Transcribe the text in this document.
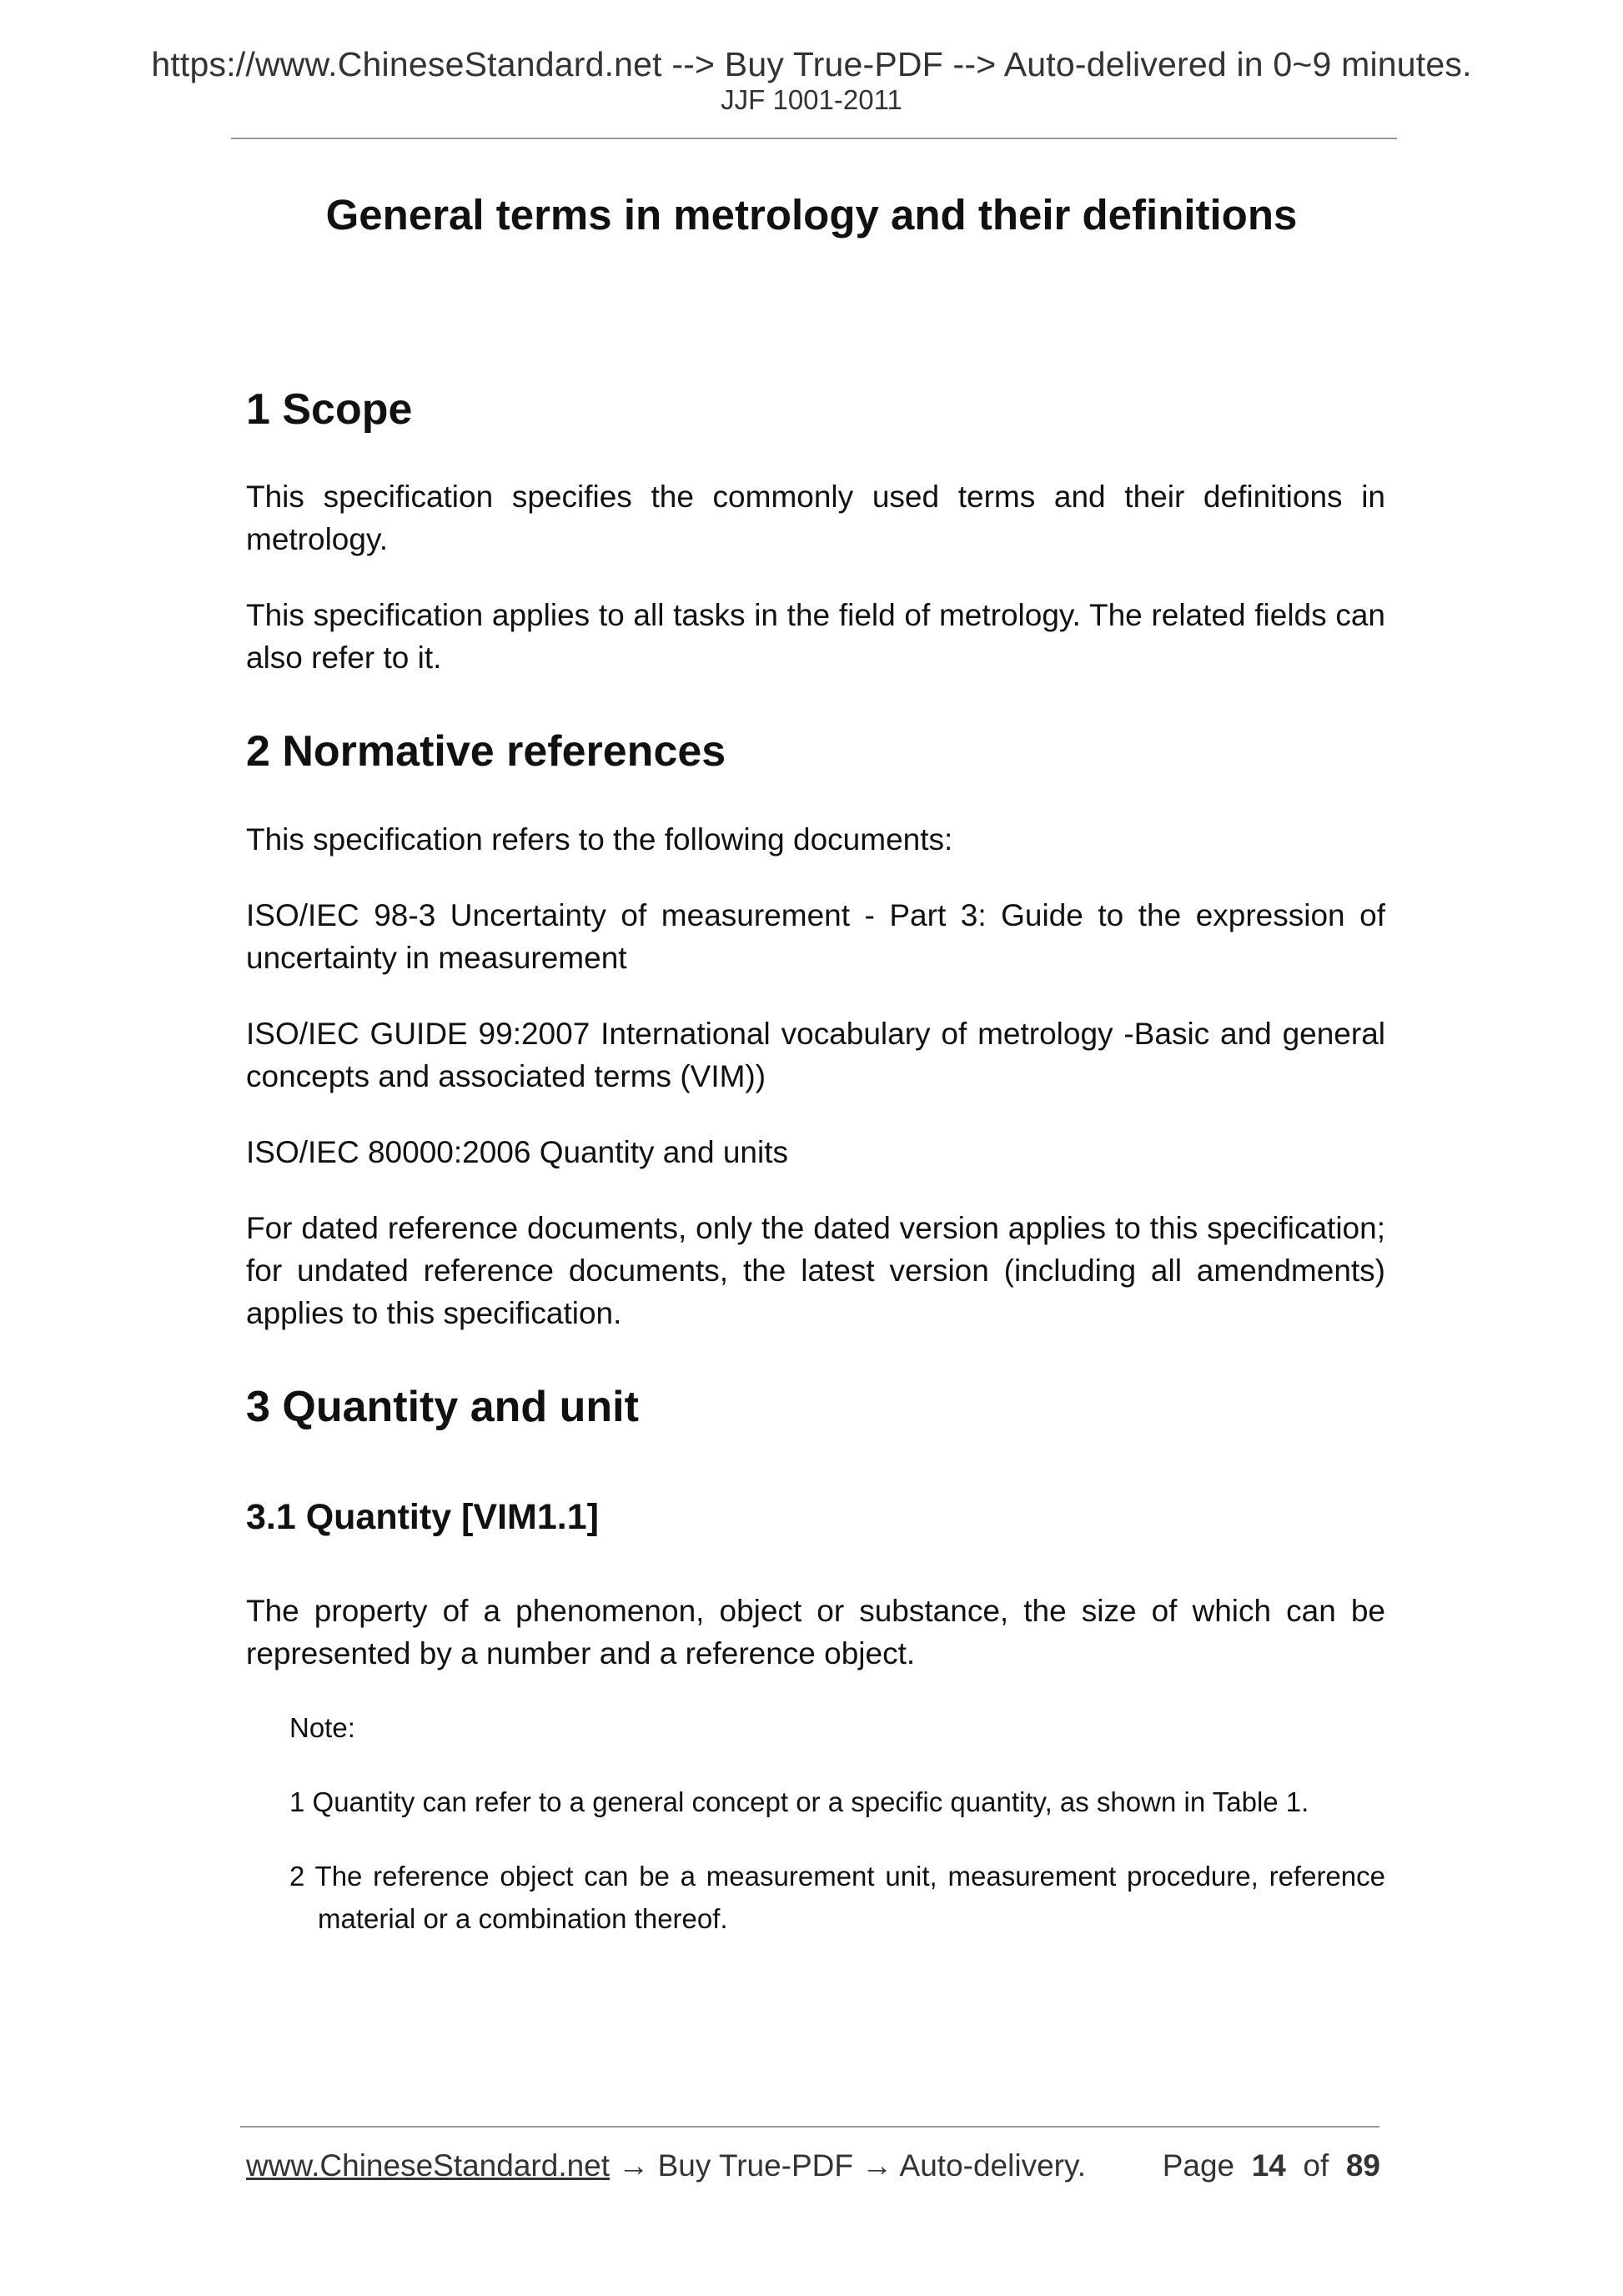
https://www.ChineseStandard.net --> Buy True-PDF --> Auto-delivered in 0~9 minutes.
JJF 1001-2011
General terms in metrology and their definitions
1 Scope

This specification specifies the commonly used terms and their definitions in metrology.

This specification applies to all tasks in the field of metrology. The related fields can also refer to it.

2 Normative references

This specification refers to the following documents:

ISO/IEC 98-3 Uncertainty of measurement - Part 3: Guide to the expression of uncertainty in measurement

ISO/IEC GUIDE 99:2007 International vocabulary of metrology -Basic and general concepts and associated terms (VIM))

ISO/IEC 80000:2006 Quantity and units

For dated reference documents, only the dated version applies to this specification; for undated reference documents, the latest version (including all amendments) applies to this specification.

3 Quantity and unit
3.1 Quantity [VIM1.1]

The property of a phenomenon, object or substance, the size of which can be represented by a number and a reference object.

Note:
1 Quantity can refer to a general concept or a specific quantity, as shown in Table 1.
2 The reference object can be a measurement unit, measurement procedure, reference material or a combination thereof.
www.ChineseStandard.net → Buy True-PDF → Auto-delivery. Page 14 of 89
